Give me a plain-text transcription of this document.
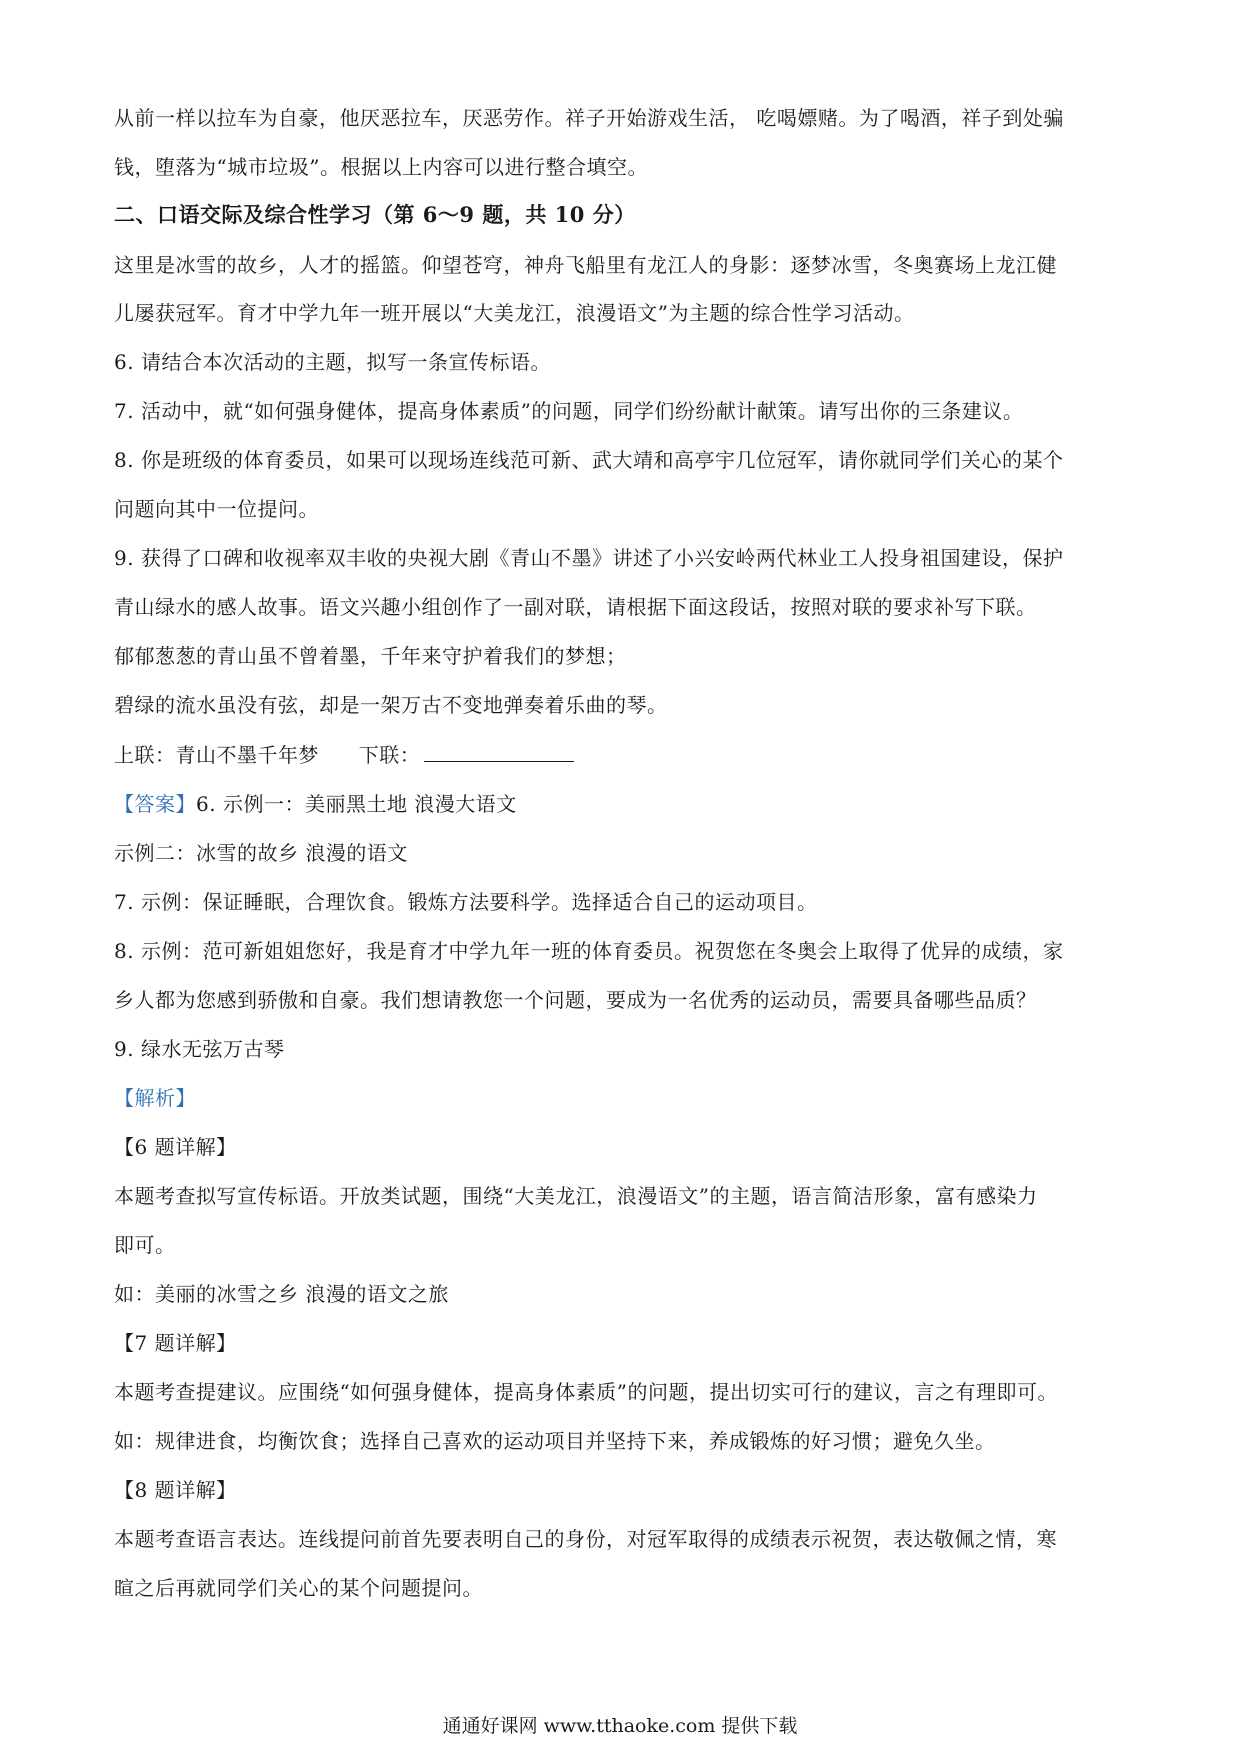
从前一样以拉车为自豪，他厌恶拉车，厌恶劳作。祥子开始游戏生活， 吃喝嫖赌。为了喝酒，祥子到处骗
钱，堕落为“城市垃圾”。根据以上内容可以进行整合填空。
二、口语交际及综合性学习（第 6～9 题，共 10 分）
这里是冰雪的故乡，人才的摇篮。仰望苍穹，神舟飞船里有龙江人的身影：逐梦冰雪，冬奥赛场上龙江健
儿屡获冠军。育才中学九年一班开展以“大美龙江，浪漫语文”为主题的综合性学习活动。
6. 请结合本次活动的主题，拟写一条宣传标语。
7. 活动中，就“如何强身健体，提高身体素质”的问题，同学们纷纷献计献策。请写出你的三条建议。
8. 你是班级的体育委员，如果可以现场连线范可新、武大靖和高亭宇几位冠军，请你就同学们关心的某个
问题向其中一位提问。
9. 获得了口碑和收视率双丰收的央视大剧《青山不墨》讲述了小兴安岭两代林业工人投身祖国建设，保护
青山绿水的感人故事。语文兴趣小组创作了一副对联，请根据下面这段话，按照对联的要求补写下联。
郁郁葱葱的青山虽不曾着墨，千年来守护着我们的梦想；
碧绿的流水虽没有弦，却是一架万古不变地弹奏着乐曲的琴。
上联：青山不墨千年梦 下联：
【答案】6. 示例一：美丽黑土地 浪漫大语文
示例二：冰雪的故乡 浪漫的语文
7. 示例：保证睡眠，合理饮食。锻炼方法要科学。选择适合自己的运动项目。
8. 示例：范可新姐姐您好，我是育才中学九年一班的体育委员。祝贺您在冬奥会上取得了优异的成绩，家
乡人都为您感到骄傲和自豪。我们想请教您一个问题，要成为一名优秀的运动员，需要具备哪些品质？
9. 绿水无弦万古琴
【解析】
【6 题详解】
本题考查拟写宣传标语。开放类试题，围绕“大美龙江，浪漫语文”的主题，语言简洁形象，富有感染力
即可。
如：美丽的冰雪之乡 浪漫的语文之旅
【7 题详解】
本题考查提建议。应围绕“如何强身健体，提高身体素质”的问题，提出切实可行的建议，言之有理即可。
如：规律进食，均衡饮食；选择自己喜欢的运动项目并坚持下来，养成锻炼的好习惯；避免久坐。
【8 题详解】
本题考查语言表达。连线提问前首先要表明自己的身份，对冠军取得的成绩表示祝贺，表达敬佩之情，寒
暄之后再就同学们关心的某个问题提问。
通通好课网 www.tthaoke.com 提供下载
